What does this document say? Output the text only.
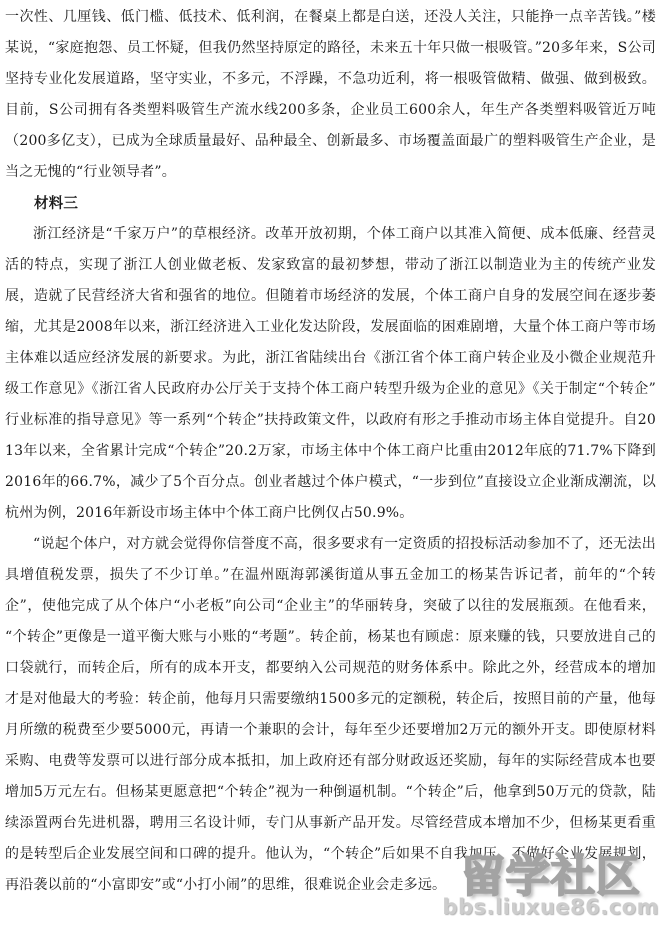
一次性、几厘钱、低门槛、低技术、低利润，在餐桌上都是白送，还没人关注，只能挣一点辛苦钱。”楼某说，“家庭抱怨、员工怀疑，但我仍然坚持原定的路径，未来五十年只做一根吸管。”20多年来，S公司坚持专业化发展道路，坚守实业，不多元，不浮躁，不急功近利，将一根吸管做精、做强、做到极致。目前，S公司拥有各类塑料吸管生产流水线200多条，企业员工600余人，年生产各类塑料吸管近万吨（200多亿支），已成为全球质量最好、品种最全、创新最多、市场覆盖面最广的塑料吸管生产企业，是当之无愧的“行业领导者”。

材料三

浙江经济是“千家万户”的草根经济。改革开放初期，个体工商户以其准入简便、成本低廉、经营灵活的特点，实现了浙江人创业做老板、发家致富的最初梦想，带动了浙江以制造业为主的传统产业发展，造就了民营经济大省和强省的地位。但随着市场经济的发展，个体工商户自身的发展空间在逐步萎缩，尤其是2008年以来，浙江经济进入工业化发达阶段，发展面临的困难剧增，大量个体工商户等市场主体难以适应经济发展的新要求。为此，浙江省陆续出台《浙江省个体工商户转企业及小微企业规范升级工作意见》《浙江省人民政府办公厅关于支持个体工商户转型升级为企业的意见》《关于制定“个转企”行业标准的指导意见》等一系列“个转企”扶持政策文件，以政府有形之手推动市场主体自觉提升。自2013年以来，全省累计完成“个转企”20.2万家，市场主体中个体工商户比重由2012年底的71.7%下降到2016年的66.7%，减少了5个百分点。创业者越过个体户模式，“一步到位”直接设立企业渐成潮流，以杭州为例，2016年新设市场主体中个体工商户比例仅占50.9%。

“说起个体户，对方就会觉得你信誉度不高，很多要求有一定资质的招投标活动参加不了，还无法出具增值税发票，损失了不少订单。”在温州瓯海郭溪街道从事五金加工的杨某告诉记者，前年的“个转企”，使他完成了从个体户“小老板”向公司“企业主”的华丽转身，突破了以往的发展瓶颈。在他看来，“个转企”更像是一道平衡大账与小账的“考题”。转企前，杨某也有顾虑：原来赚的钱，只要放进自己的口袋就行，而转企后，所有的成本开支，都要纳入公司规范的财务体系中。除此之外，经营成本的增加才是对他最大的考验：转企前，他每月只需要缴纳1500多元的定额税，转企后，按照目前的产量，他每月所缴的税费至少要5000元，再请一个兼职的会计，每年至少还要增加2万元的额外开支。即使原材料采购、电费等发票可以进行部分成本抵扣，加上政府还有部分财政返还奖励，每年的实际经营成本也要增加5万元左右。但杨某更愿意把“个转企”视为一种倒逼机制。“个转企”后，他拿到50万元的贷款，陆续添置两台先进机器，聘用三名设计师，专门从事新产品开发。尽管经营成本增加不少，但杨某更看重的是转型后企业发展空间和口碑的提升。他认为，“个转企”后如果不自我加压，不做好企业发展规划，再沿袭以前的“小富即安”或“小打小闹”的思维，很难说企业会走多远。 留学社区
bbs.liuxue86.com
